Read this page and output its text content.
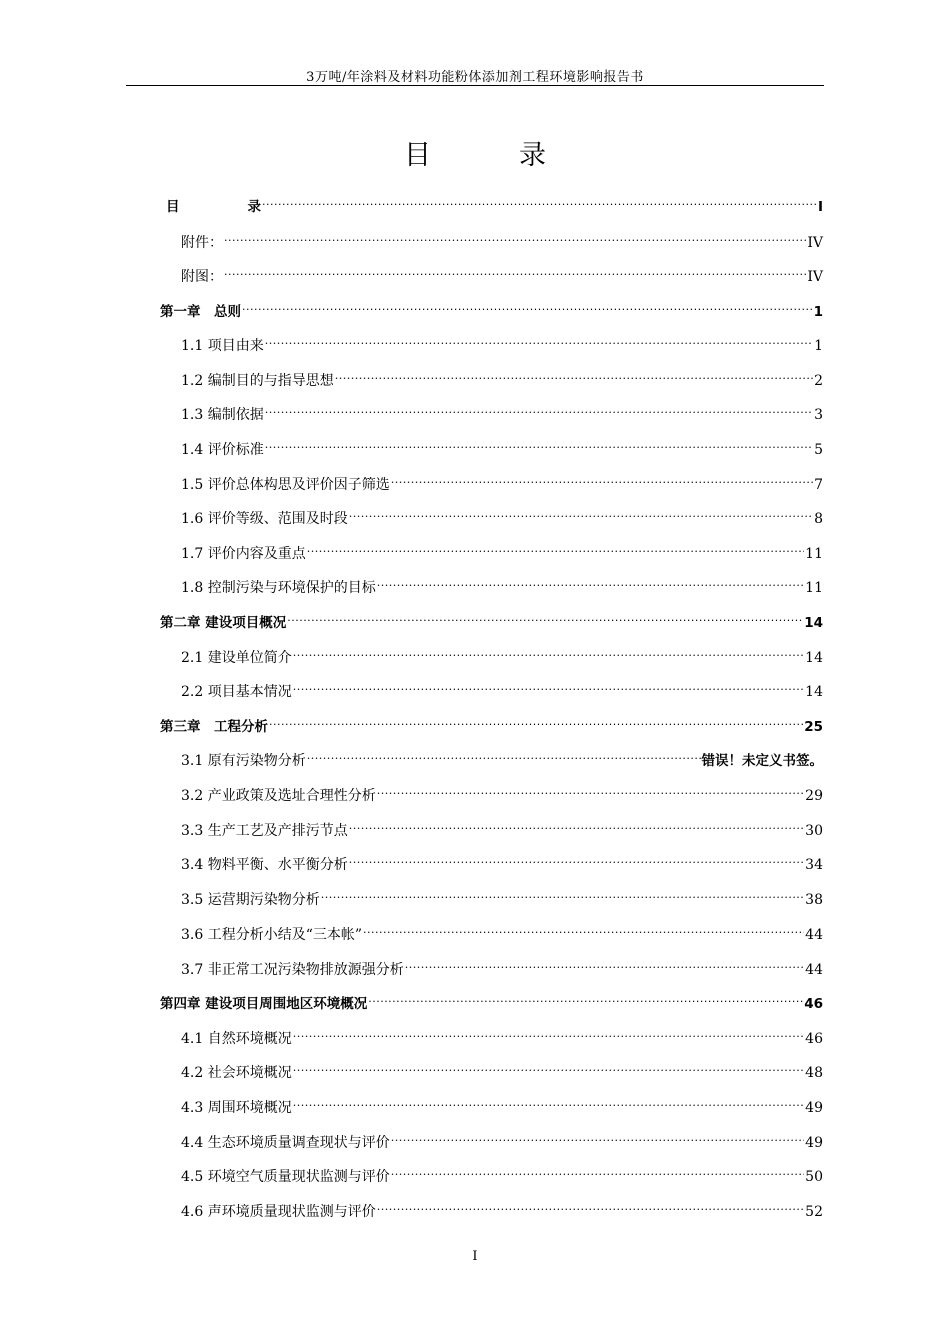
3万吨/年涂料及材料功能粉体添加剂工程环境影响报告书
目	录
目	录 .....	I
附件： .....	IV
附图： .....	IV
第一章　总则 .....	1
1.1 项目由来 .....	1
1.2 编制目的与指导思想 .....	2
1.3 编制依据 .....	3
1.4 评价标准 .....	5
1.5 评价总体构思及评价因子筛选 .....	7
1.6 评价等级、范围及时段 .....	8
1.7 评价内容及重点 .....	11
1.8 控制污染与环境保护的目标 .....	11
第二章 建设项目概况 .....	14
2.1 建设单位简介 .....	14
2.2 项目基本情况 .....	14
第三章　工程分析 .....	25
3.1 原有污染物分析 .....	错误！未定义书签。
3.2 产业政策及选址合理性分析 .....	29
3.3 生产工艺及产排污节点 .....	30
3.4 物料平衡、水平衡分析 .....	34
3.5 运营期污染物分析 .....	38
3.6 工程分析小结及“三本帐” .....	44
3.7 非正常工况污染物排放源强分析 .....	44
第四章 建设项目周围地区环境概况 .....	46
4.1 自然环境概况 .....	46
4.2 社会环境概况 .....	48
4.3 周围环境概况 .....	49
4.4 生态环境质量调查现状与评价 .....	49
4.5 环境空气质量现状监测与评价 .....	50
4.6 声环境质量现状监测与评价 .....	52
I
